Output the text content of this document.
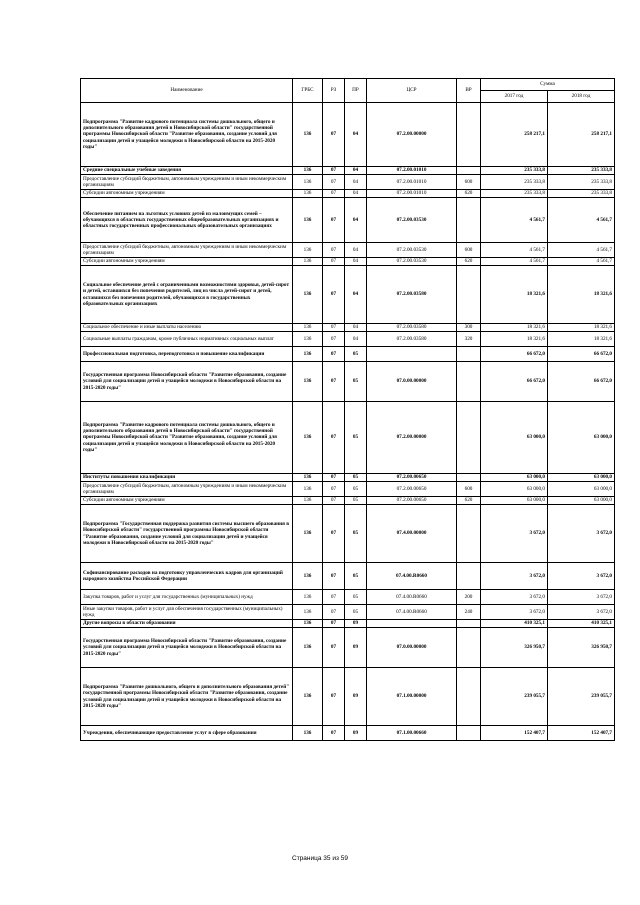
Наименование	ГРБС	РЗ	ПР	ЦСР	ВР	Сумма	
						2017 год	2018 год
Подпрограмма "Развитие кадрового потенциала системы дошкольного, общего и дополнительного образования детей в Новосибирской области" государственной программы Новосибирской области "Развитие образования, создание условий для социализации детей и учащейся молодежи в Новосибирской области на 2015-2020 годы"	136	07	04	07.2.00.00000		258 217,1	258 217,1
Средние специальные учебные заведения	136	07	04	07.2.00.01010		235 333,8	235 333,8
Предоставление субсидий бюджетным, автономным учреждениям и иным некоммерческим организациям	136	07	04	07.2.00.01010	600	235 333,8	235 333,8
Субсидии автономным учреждениям	136	07	04	07.2.00.01010	620	235 333,8	235 333,8
Обеспечение питанием на льготных условиях детей из малоимущих семей – обучающихся в областных государственных общеобразовательных организациях и областных государственных профессиональных образовательных организациях	136	07	04	07.2.00.03530		4 561,7	4 561,7
Предоставление субсидий бюджетным, автономным учреждениям и иным некоммерческим организациям	136	07	04	07.2.00.03530	600	4 561,7	4 561,7
Субсидии автономным учреждениям	136	07	04	07.2.00.03530	620	4 561,7	4 561,7
Социальное обеспечение детей с ограниченными возможностями здоровья, детей-сирот и детей, оставшихся без попечения родителей, лиц из числа детей-сирот и детей, оставшихся без попечения родителей, обучающихся в государственных образовательных организациях	136	07	04	07.2.00.03580		18 321,6	18 321,6
Социальное обеспечение и иные выплаты населению	136	07	04	07.2.00.03580	300	18 321,6	18 321,6
Социальные выплаты гражданам, кроме публичных нормативных социальных выплат	136	07	04	07.2.00.03580	320	18 321,6	18 321,6
Профессиональная подготовка, переподготовка и повышение квалификации	136	07	05			66 672,0	66 672,0
Государственная программа Новосибирской области "Развитие образования, создание условий для социализации детей и учащейся молодежи в Новосибирской области на 2015-2020 годы"	136	07	05	07.0.00.00000		66 672,0	66 672,0
Подпрограмма "Развитие кадрового потенциала системы дошкольного, общего и дополнительного образования детей в Новосибирской области" государственной программы Новосибирской области "Развитие образования, создание условий для социализации детей и учащейся молодежи в Новосибирской области на 2015-2020 годы"	136	07	05	07.2.00.00000		63 000,0	63 000,0
Институты повышения квалификации	136	07	05	07.2.00.00650		63 000,0	63 000,0
Предоставление субсидий бюджетным, автономным учреждениям и иным некоммерческим организациям	136	07	05	07.2.00.00650	600	63 000,0	63 000,0
Субсидии автономным учреждениям	136	07	05	07.2.00.00650	620	63 000,0	63 000,0
Подпрограмма "Государственная поддержка развития системы высшего образования в Новосибирской области" государственной программы Новосибирской области "Развитие образования, создание условий для социализации детей и учащейся молодежи в Новосибирской области на 2015-2020 годы"	136	07	05	07.4.00.00000		3 672,0	3 672,0
Софинансирование расходов на подготовку управленческих кадров для организаций народного хозяйства Российской Федерации	136	07	05	07.4.00.R0660		3 672,0	3 672,0
Закупка товаров, работ и услуг для государственных (муниципальных) нужд	136	07	05	07.4.00.R0660	200	3 672,0	3 672,0
Иные закупки товаров, работ и услуг для обеспечения государственных (муниципальных) нужд	136	07	05	07.4.00.R0660	240	3 672,0	3 672,0
Другие вопросы в области образования	136	07	09			410 325,1	410 325,1
Государственная программа Новосибирской области "Развитие образования, создание условий для социализации детей и учащейся молодежи в Новосибирской области на 2015-2020 годы"	136	07	09	07.0.00.00000		326 950,7	326 950,7
Подпрограмма "Развитие дошкольного, общего и дополнительного образования детей" государственной программы Новосибирской области "Развитие образования, создание условий для социализации детей и учащейся молодежи в Новосибирской области на 2015-2020 годы"	136	07	09	07.1.00.00000		239 055,7	239 055,7
Учреждения, обеспечивающие предоставление услуг в сфере образования	136	07	09	07.1.00.00660		152 407,7	152 407,7
Страница 35 из 59
